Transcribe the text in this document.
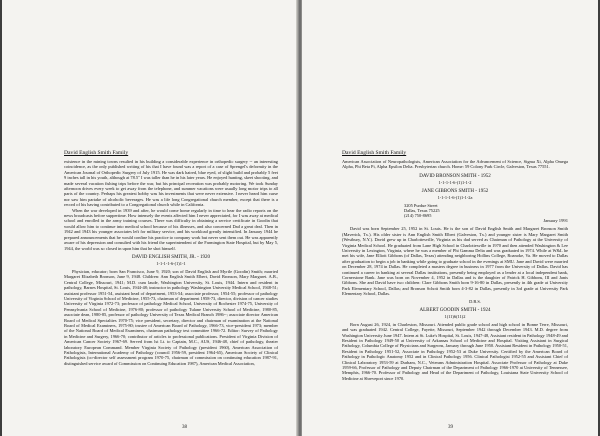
David English Smith Family

existence in the mining towns resulted in his building a considerable experience in orthopedic surgery -- an interesting coincidence, as the only published writing of his that I have found was a report of a case of Sprengel's deformity in the American Journal of Orthopedic Surgery of July 1915. He was dark haired, blue eyed, of slight build and probably 5 feet 9 inches tall in his youth, although at 78.5" I was taller than he in his later years. He enjoyed hunting, skeet shooting, and made several vacation fishing trips before the war, but his principal recreation was probably motoring. We took Sunday afternoon drives every week to get away from the telephone, and summer vacations were usually long motor trips to all parts of the country. Perhaps his greatest hobby was his investments that were never extensive. I never heard him curse nor saw him partake of alcoholic beverages. He was a life long Congregational church member, except that there is a record of his having contributed to a Congregational church while in California.

When the war developed in 1939 and after, he would come home regularly in time to hear the radio reports on the news broadcasts before suppertime. How intensely the events affected him I never appreciated, for I was away at medical school and enrolled in the army training courses. There was difficulty in obtaining a service certificate in Goodin that would allow him to continue into medical school because of his illnesses, and also concerned Dad a great deal. Then in 1942 and 1943 his younger associates left for military service, and his workload greatly intensified. In January 1944 he prepared announcements that he would confine his practice to company work but never sent them out. He was apparently aware of his depression and consulted with his friend the superintendent of the Farmington State Hospital, but by May 5, 1944, the world was so closed in upon him that he shot himself.

DAVID ENGLISH SMITH, JR. - 1920

1-1-1-1-6-(1)1-1

Physician, educator; born San Francisco, June 9, 1920; son of David English and Myrtle (Goodin) Smith; married Margaret Elizabeth Bronson, June 9, 1948. Children: Ann English Smith Elbert, David Bronson, Mary Margaret. A.B., Central College, Missouri, 1941; M.D. cum laude, Washington University, St. Louis, 1944. Intern and resident in pathology, Barnes Hospital, St. Louis, 1944-48; instructor in pathology Washington University Medical School, 1948-51; assistant professor 1951-54, assistant head of department, 1953-54; associate professor, 1954-55; professor of pathology University of Virginia School of Medicine, 1955-73, chairman of department 1958-73, director, division of cancer studies University of Virginia 1972-73; professor of pathology Medical School, University of Rochester 1974-75, University of Pennsylvania School of Medicine, 1976-80; professor of pathology Tulane University School of Medicine, 1980-85, associate dean, 1980-85, professor of pathology University of Texas Medical Branch 1986--; associate director American Board of Medical Specialties 1970-75; vice president, secretary, director and chairman of examination at the National Board of Medical Examiners, 1975-80; trustee of American Board of Pathology, 1966-73, vice-president 1973; member of the National Board of Medical Examiners, chairman pathology test committee 1966-72. Editor: Survey of Pathology in Medicine and Surgery, 1966-70; contributor of articles to professional publications. President of Virginia Division of American Cancer Society 1967-69. Served from lst Lt. to Captain, M.C., AUS, 1946-48, chief of pathology, theater laboratory European Command. Member Virginia Society of Pathology (president 1960), American Association of Pathologists, International Academy of Pathology (council 1956-59, president 1964-65), American Society of Clinical Pathologists (co-director self assessment program 1970-75, chairman of commission on continuing education 1987-91, distinguished service award of Commission on Continuing Education 1987), American Medical Association,

38

David English Smith Family

American Association of Neuropathologists, American Association for the Advancement of Science, Sigma Xi, Alpha Omega Alpha, Phi Beta Pi, Alpha Epsilon Delta. Presbyterian church. Home: 59 Colony Park Circle, Galveston, Texas 77551.

DAVID BRONSON SMITH - 1952

1-1-1-1-6-(1)1-1-2

JANE GIBBONS SMITH - 1952

1-1-1-1-6-(1)1-1-2a

3205 Purdue Street
Dallas, Texas 75225
(214) 750-8695

January 1991

David was born September 25, 1952 in St. Louis. He is the son of David English Smith and Margaret Bronson Smith (Maverick, Tx.). His older sister is Ann English Smith Elbert (Galveston, Tx.) and younger sister is Mary Margaret Smith (Westbury, N.Y.). David grew up in Charlottesville, Virginia as his dad served as Chairman of Pathology at the University of Virginia Medical School. He graduated from Lane High School in Charlottesville in 1970 and then attended Washington & Lee University in Lexington, Virginia, where he was a member of Phi Gamma Delta and was graduated in 1974. While at W&L he met his wife, Jane Elliott Gibbons (of Dallas, Texas) attending neighboring Hollins College, Roanoke, Va. He moved to Dallas after graduation to begin a job in banking while going to graduate school in the evenings at SMU. Jane and David were married on December 28, 1974 in Dallas. He completed a masters degree in business in 1977 from the University of Dallas. David has continued a career in banking at several Dallas institutions, presently being employed as a lender at a local independent bank, Cornerstone Bank. Jane was born on November 4, 1952 in Dallas and is the daughter of Patrick H. Gibbons, III and Janis Gibbons. She and David have two children: Clare Gibbons Smith born 9-16-80 in Dallas, presently in 4th grade at University Park Elementary School, Dallas; and Bronson Schott Smith born 4-3-82 in Dallas, presently in 3rd grade at University Park Elementary School, Dallas.

D.B.S.

ALBERT GOODIN SMITH - 1924

1(11)6(11)2

Born August 26, 1924, in Charleston, Missouri. Attended public grade school and high school in Bonne Terre, Missouri, and was graduated 1942. Central College, Fayette, Missouri, September 1942 through December 1943. M.D. degree from Washington University June 1947. Intern at St. Luke's Hospital, St. Louis, 1947-48, Assistant resident in Pathology 1948-49 and Resident in Pathology 1949-50 at University of Arkansas School of Medicine and Hospital. Visiting Assistant in Surgical Pathology, Columbia College of Physicians and Surgeons, January through June 1950. Assistant Resident in Pathology 1950-51, Resident in Pathology 1951-52, Associate in Pathology 1952-53 at Duke University. Certified by the American Board of Pathology in Pathologic Anatomy 1952 and in Clinical Pathology 1956. Clinical Pathologist 1952-55 and Assistant Chief of Clinical Laboratory 1953-59 at Durham, N.C., Veterans Administration Hospital. Associate Professor of Pathology at Duke 1959-66, Professor of Pathology and Deputy Chairman of the Department of Pathology 1966-1970 at University of Tennessee, Memphis, 1966-70. Professor of Pathology and Head of the Department of Pathology, Louisiana State University School of Medicine at Shreveport since 1970.

39
